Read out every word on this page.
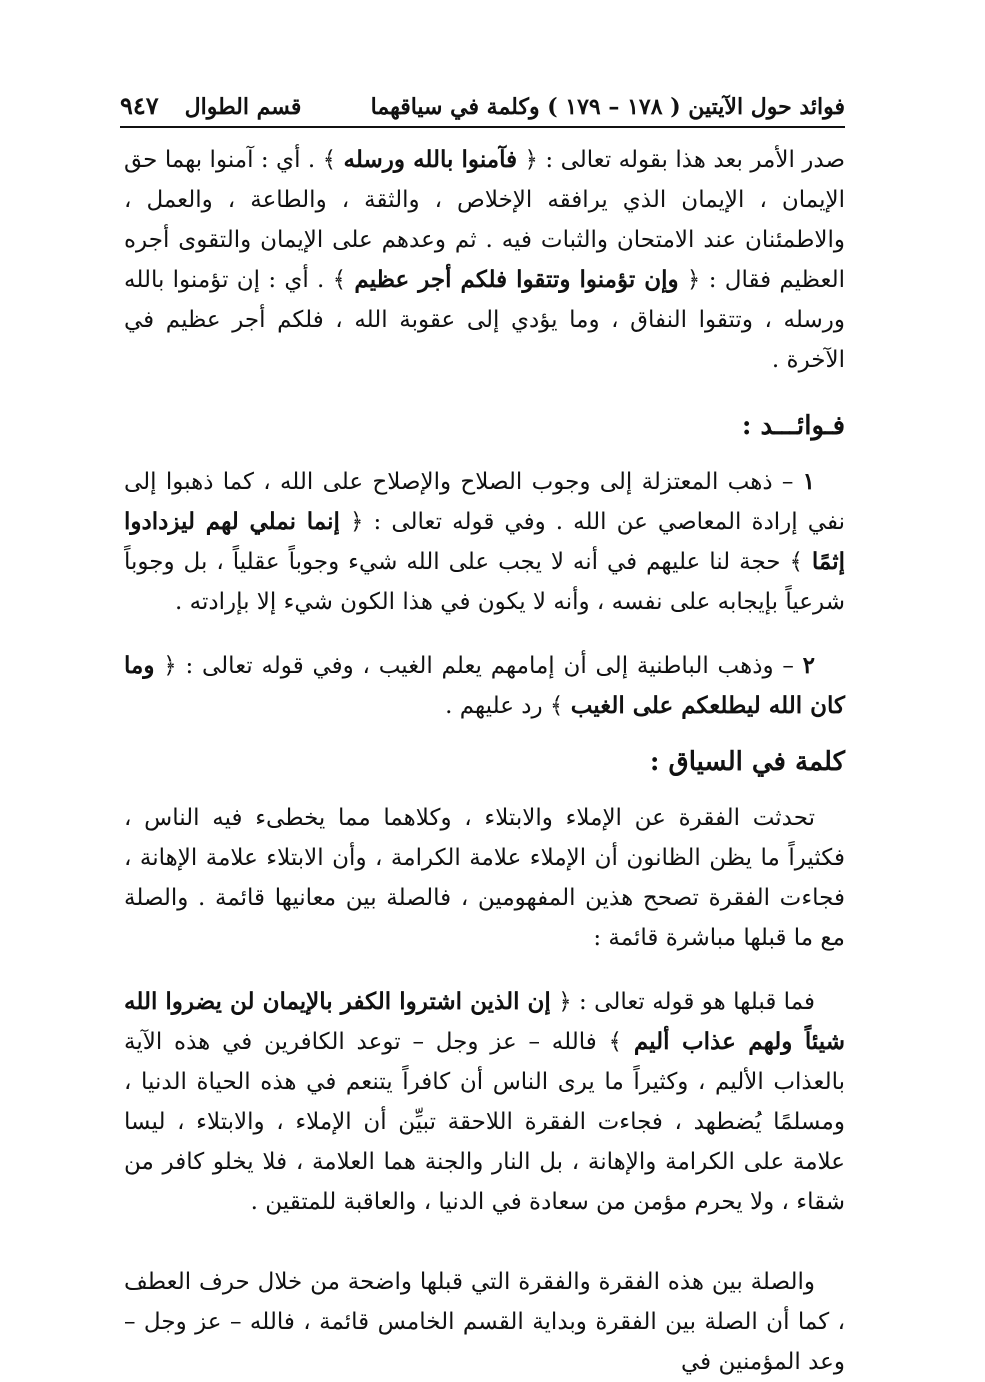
فوائد حول الآيتين ( ١٧٨ – ١٧٩ ) وكلمة في سياقهما
قسم الطوال
٩٤٧

صدر الأمر بعد هذا بقوله تعالى : ﴿ فآمنوا بالله ورسله ﴾ . أي : آمنوا بهما حق الإيمان ، الإيمان الذي يرافقه الإخلاص ، والثقة ، والطاعة ، والعمل ، والاطمئنان عند الامتحان والثبات فيه . ثم وعدهم على الإيمان والتقوى أجره العظيم فقال : ﴿ وإن تؤمنوا وتتقوا فلكم أجر عظيم ﴾ . أي : إن تؤمنوا بالله ورسله ، وتتقوا النفاق ، وما يؤدي إلى عقوبة الله ، فلكم أجر عظيم في الآخرة .

فـوائـــد :

١ – ذهب المعتزلة إلى وجوب الصلاح والإصلاح على الله ، كما ذهبوا إلى نفي إرادة المعاصي عن الله . وفي قوله تعالى : ﴿ إنما نملي لهم ليزدادوا إثمًا ﴾ حجة لنا عليهم في أنه لا يجب على الله شيء وجوباً عقلياً ، بل وجوباً شرعياً بإيجابه على نفسه ، وأنه لا يكون في هذا الكون شيء إلا بإرادته .

٢ – وذهب الباطنية إلى أن إمامهم يعلم الغيب ، وفي قوله تعالى : ﴿ وما كان الله ليطلعكم على الغيب ﴾ رد عليهم .

كلمة في السياق :

تحدثت الفقرة عن الإملاء والابتلاء ، وكلاهما مما يخطىء فيه الناس ، فكثيراً ما يظن الظانون أن الإملاء علامة الكرامة ، وأن الابتلاء علامة الإهانة ، فجاءت الفقرة تصحح هذين المفهومين ، فالصلة بين معانيها قائمة . والصلة مع ما قبلها مباشرة قائمة :

فما قبلها هو قوله تعالى : ﴿ إن الذين اشتروا الكفر بالإيمان لن يضروا الله شيئاً ولهم عذاب أليم ﴾ فالله – عز وجل – توعد الكافرين في هذه الآية بالعذاب الأليم ، وكثيراً ما يرى الناس أن كافراً يتنعم في هذه الحياة الدنيا ، ومسلمًا يُضطهد ، فجاءت الفقرة اللاحقة تبيِّن أن الإملاء ، والابتلاء ، ليسا علامة على الكرامة والإهانة ، بل النار والجنة هما العلامة ، فلا يخلو كافر من شقاء ، ولا يحرم مؤمن من سعادة في الدنيا ، والعاقبة للمتقين .

والصلة بين هذه الفقرة والفقرة التي قبلها واضحة من خلال حرف العطف ، كما أن الصلة بين الفقرة وبداية القسم الخامس قائمة ، فالله – عز وجل – وعد المؤمنين في
